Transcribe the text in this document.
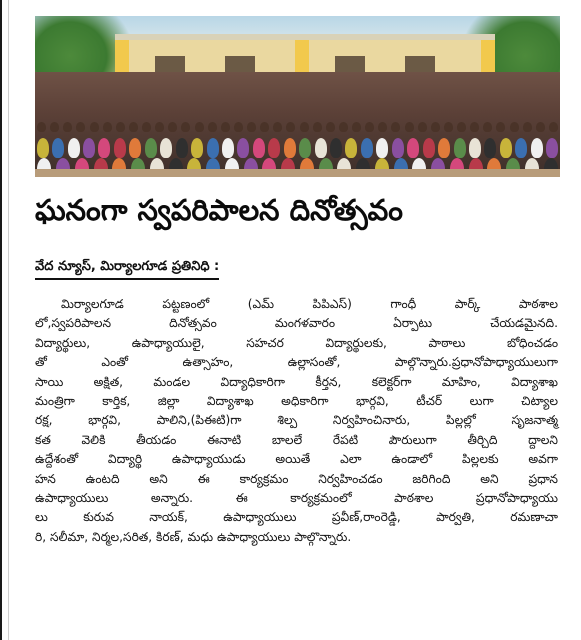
ఘనంగా స్వపరిపాలన దినోత్సవం
వేద న్యూస్, మిర్యాలగూడ ప్రతినిధి :
మిర్యాలగూడ పట్టణంలో (ఎమ్ పిపిఎస్) గాంధీ పార్క్ పాఠశాల
లో,స్వపరిపాలన దినోత్సవం మంగళవారం ఏర్పాటు చేయడమైనది.
విద్యార్థులు, ఉపాధ్యాయులై, సహచర విద్యార్థులకు, పాఠాలు బోధించడం
తో ఎంతో ఉత్సాహం, ఉల్లాసంతో, పాల్గొన్నారు.ప్రధానోపాధ్యాయులుగా
సాయి అక్షిత, మండల విద్యాధికారిగా కీర్తన, కలెక్టర్‌గా మాహిం, విద్యాశాఖ
మంత్రిగా కార్తిక, జిల్లా విద్యాశాఖ అధికారిగా భార్గవి, టీచర్ లుగా చిట్యాల
రక్ష, భార్గవి, పాలిని,(పిఈటి)గా శిల్ప నిర్వహించినారు, పిల్లల్లో సృజనాత్మ
కత వెలికి తీయడం ఈనాటి బాలలే రేపటి పౌరులుగా తీర్చిది ద్దాలని
ఉద్దేశంతో విద్యార్థి ఉపాధ్యాయుడు అయితే ఎలా ఉండాలో పిల్లలకు అవగా
హన ఉంటది అని ఈ కార్యక్రమం నిర్వహించడం జరిగింది అని ప్రధాన
ఉపాధ్యాయులు అన్నారు. ఈ కార్యక్రమంలో పాఠశాల ప్రధానోపాధ్యాయు
లు కురువ నాయక్, ఉపాధ్యాయులు ప్రవీణ్,రాంరెడ్డి, పార్వతి, రమణాచా
రి, సలీమా, నిర్మల,సరిత, కిరణ్, మధు ఉపాధ్యాయులు పాల్గొన్నారు.
